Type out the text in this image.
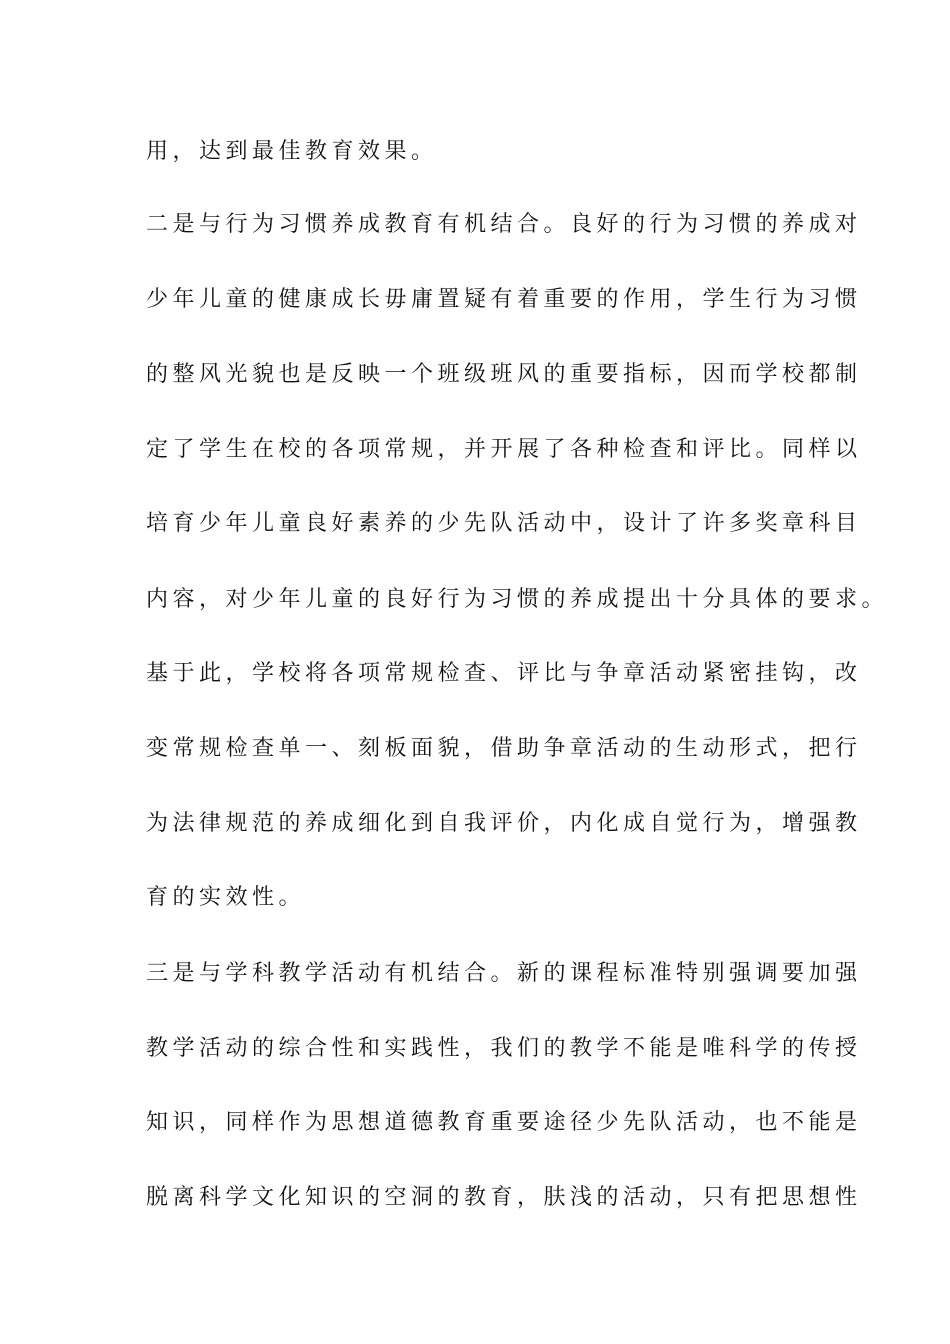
用，达到最佳教育效果。
二是与行为习惯养成教育有机结合。良好的行为习惯的养成对
少年儿童的健康成长毋庸置疑有着重要的作用，学生行为习惯
的整风光貌也是反映一个班级班风的重要指标，因而学校都制
定了学生在校的各项常规，并开展了各种检查和评比。同样以
培育少年儿童良好素养的少先队活动中，设计了许多奖章科目
内容，对少年儿童的良好行为习惯的养成提出十分具体的要求。
基于此，学校将各项常规检查、评比与争章活动紧密挂钩，改
变常规检查单一、刻板面貌，借助争章活动的生动形式，把行
为法律规范的养成细化到自我评价，内化成自觉行为，增强教
育的实效性。
三是与学科教学活动有机结合。新的课程标准特别强调要加强
教学活动的综合性和实践性，我们的教学不能是唯科学的传授
知识，同样作为思想道德教育重要途径少先队活动，也不能是
脱离科学文化知识的空洞的教育，肤浅的活动，只有把思想性
